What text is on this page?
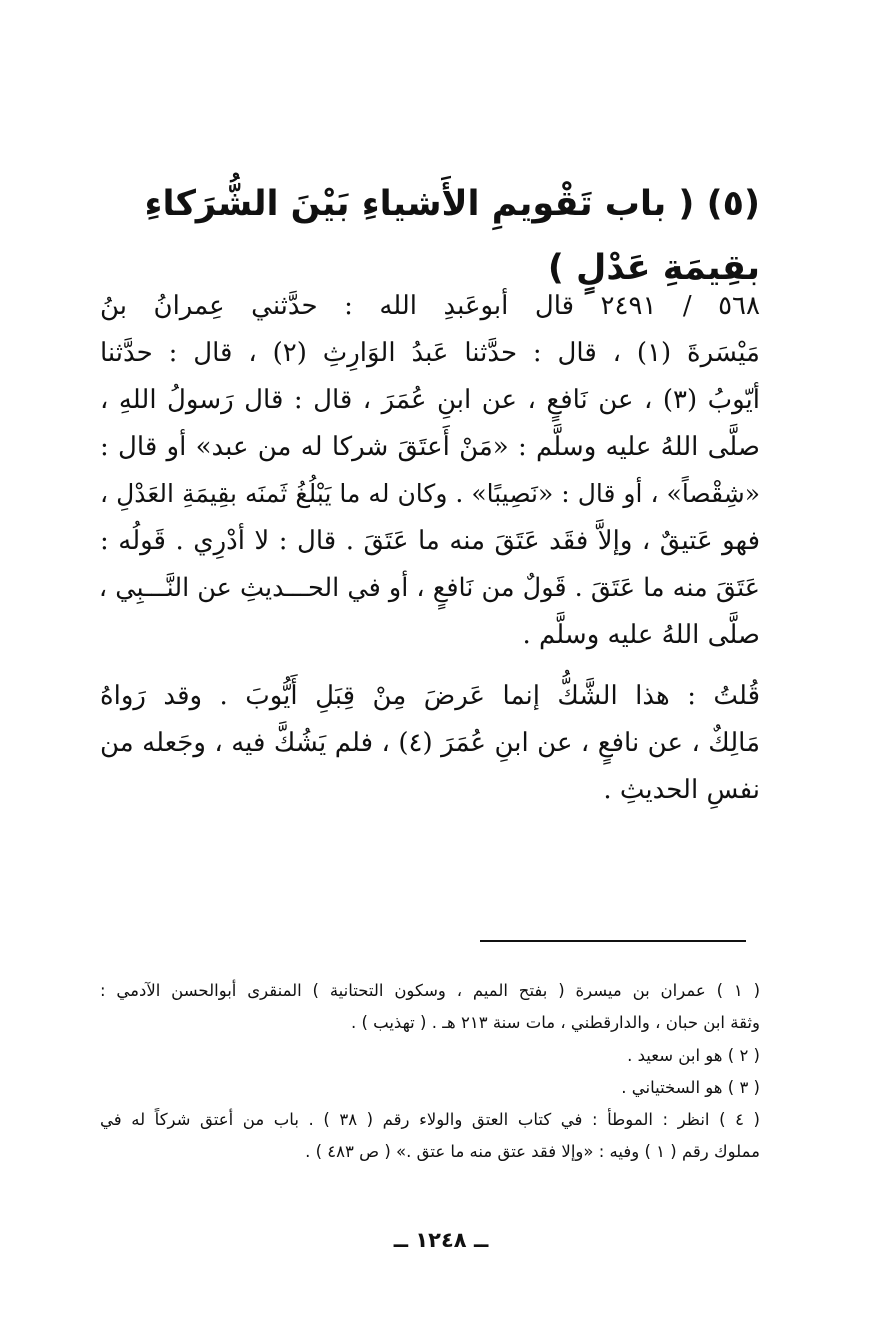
(٥) ( باب تَقْويمِ الأَشياءِ بَيْنَ الشُّرَكاءِ بقِيمَةِ عَدْلٍ )

٥٦٨ / ٢٤٩١ قال أبوعَبدِ الله : حدَّثني عِمرانُ بنُ

مَيْسَرةَ (١) ، قال : حدَّثنا عَبدُ الوَارِثِ (٢) ، قال : حدَّثنا

أيّوبُ (٣) ، عن نَافعٍ ، عن ابنِ عُمَرَ ، قال : قال رَسولُ اللهِ ،

صلَّى اللهُ عليه وسلَّم : «مَنْ أَعتَقَ شركا له من عبد» أو قال :

«شِقْصاً» ، أو قال : «نَصِيبًا» . وكان له ما يَبْلُغُ ثَمنَه بقِيمَةِ العَدْلِ ،

فهو عَتيقٌ ، وإلاَّ فقَد عَتَقَ منه ما عَتَقَ . قال : لا أدْرِي . قَولُه :

عَتَقَ منه ما عَتَقَ . قَولٌ من نَافعٍ ، أو في الحـــديثِ عن النَّـــبِي ،

صلَّى اللهُ عليه وسلَّم .

قُلتُ : هذا الشَّكُّ إنما عَرضَ مِنْ قِبَلِ أَيُّوبَ . وقد رَواهُ

مَالِكٌ ، عن نافعٍ ، عن ابنِ عُمَرَ (٤) ، فلم يَشُكَّ فيه ، وجَعله من

نفسِ الحديثِ .

( ١ ) عمران بن ميسرة ( بفتح الميم ، وسكون التحتانية ) المنقرى أبوالحسن الآدمي :

وثقة ابن حبان ، والدارقطني ، مات سنة ٢١٣ هـ . ( تهذيب ) .

( ٢ ) هو ابن سعيد .

( ٣ ) هو السختياني .

( ٤ ) انظر : الموطأ : في كتاب العتق والولاء رقم ( ٣٨ ) . باب من أعتق شركاً له في

مملوك رقم ( ١ ) وفيه : «وإلا فقد عتق منه ما عتق .» ( ص ٤٨٣ ) .

ــ ١٢٤٨ ــ
